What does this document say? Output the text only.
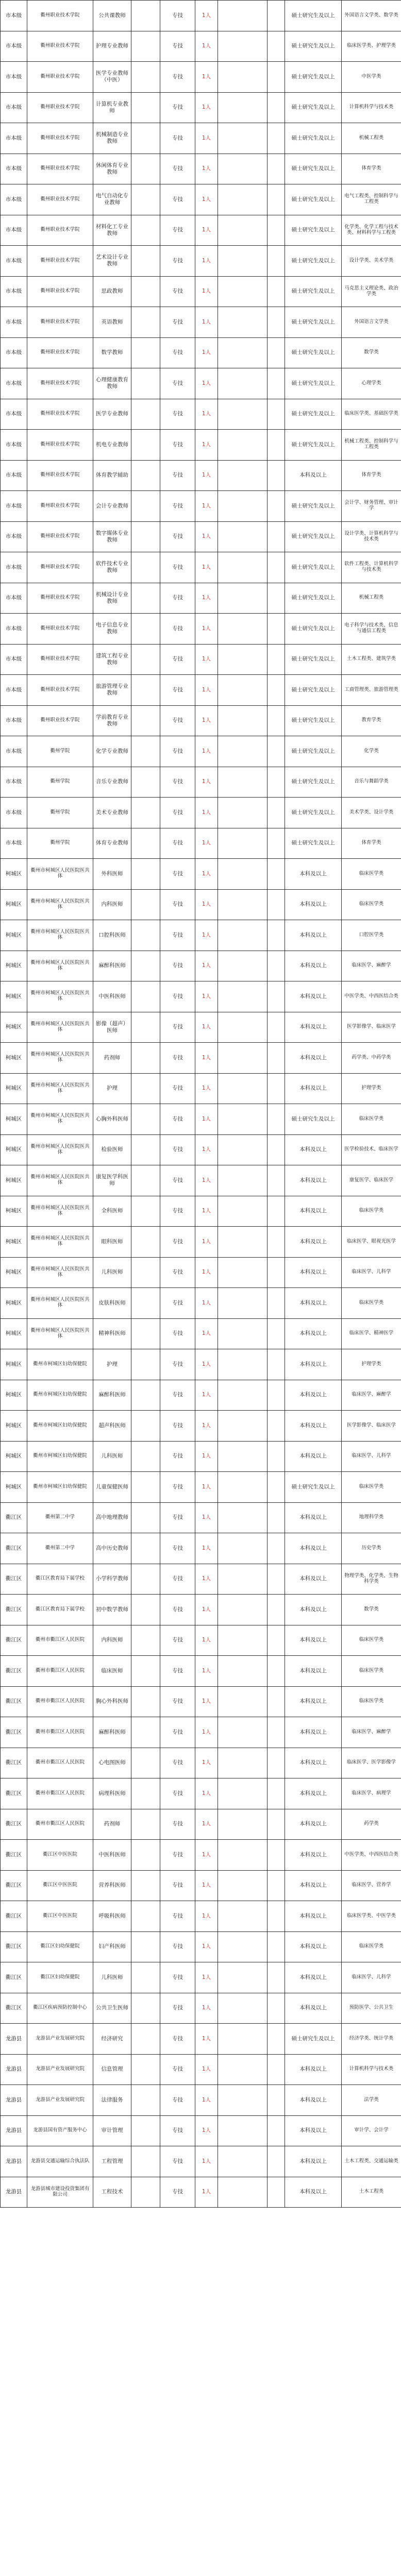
市本级	衢州职业技术学院	公共课教师		专技	1人			硕士研究生及以上	外国语言文学类、数学类
市本级	衢州职业技术学院	护理专业教师		专技	1人			硕士研究生及以上	临床医学类、护理学类
市本级	衢州职业技术学院	医学专业教师（中医）		专技	1人			硕士研究生及以上	中医学类
市本级	衢州职业技术学院	计算机专业教师		专技	1人			硕士研究生及以上	计算机科学与技术类
市本级	衢州职业技术学院	机械制造专业教师		专技	1人			硕士研究生及以上	机械工程类
市本级	衢州职业技术学院	休闲体育专业教师		专技	1人			硕士研究生及以上	体育学类
市本级	衢州职业技术学院	电气自动化专业教师		专技	1人			硕士研究生及以上	电气工程类、控制科学与工程类
市本级	衢州职业技术学院	材料化工专业教师		专技	1人			硕士研究生及以上	化学类、化学工程与技术类、材料科学与工程类
市本级	衢州职业技术学院	艺术设计专业教师		专技	1人			硕士研究生及以上	设计学类、美术学类
市本级	衢州职业技术学院	思政教师		专技	1人			硕士研究生及以上	马克思主义理论类、政治学类
市本级	衢州职业技术学院	英语教师		专技	1人			硕士研究生及以上	外国语言文学类
市本级	衢州职业技术学院	数学教师		专技	1人			硕士研究生及以上	数学类
市本级	衢州职业技术学院	心理健康教育教师		专技	1人			硕士研究生及以上	心理学类
市本级	衢州职业技术学院	医学专业教师		专技	1人			硕士研究生及以上	临床医学类、基础医学类
市本级	衢州职业技术学院	机电专业教师		专技	1人			硕士研究生及以上	机械工程类、控制科学与工程类
市本级	衢州职业技术学院	体育教学辅助		专技	1人			本科及以上	体育学类
市本级	衢州职业技术学院	会计专业教师		专技	1人			硕士研究生及以上	会计学、财务管理、审计学
市本级	衢州职业技术学院	数字媒体专业教师		专技	1人			硕士研究生及以上	设计学类、计算机科学与技术类
市本级	衢州职业技术学院	软件技术专业教师		专技	1人			硕士研究生及以上	软件工程类、计算机科学与技术类
市本级	衢州职业技术学院	机械设计专业教师		专技	1人			硕士研究生及以上	机械工程类
市本级	衢州职业技术学院	电子信息专业教师		专技	1人			硕士研究生及以上	电子科学与技术类、信息与通信工程类
市本级	衢州职业技术学院	建筑工程专业教师		专技	1人			硕士研究生及以上	土木工程类、建筑学类
市本级	衢州职业技术学院	旅游管理专业教师		专技	1人			硕士研究生及以上	工商管理类、旅游管理类
市本级	衢州职业技术学院	学前教育专业教师		专技	1人			硕士研究生及以上	教育学类
市本级	衢州学院	化学专业教师		专技	1人			硕士研究生及以上	化学类
市本级	衢州学院	音乐专业教师		专技	1人			硕士研究生及以上	音乐与舞蹈学类
市本级	衢州学院	美术专业教师		专技	1人			硕士研究生及以上	美术学类、设计学类
市本级	衢州学院	体育专业教师		专技	1人			硕士研究生及以上	体育学类
柯城区	衢州市柯城区人民医院医共体	外科医师		专技	1人			本科及以上	临床医学类
柯城区	衢州市柯城区人民医院医共体	内科医师		专技	1人			本科及以上	临床医学类
柯城区	衢州市柯城区人民医院医共体	口腔科医师		专技	1人			本科及以上	口腔医学类
柯城区	衢州市柯城区人民医院医共体	麻醉科医师		专技	1人			本科及以上	临床医学、麻醉学
柯城区	衢州市柯城区人民医院医共体	中医科医师		专技	1人			本科及以上	中医学类、中西医结合类
柯城区	衢州市柯城区人民医院医共体	影像（超声）医师		专技	1人			本科及以上	医学影像学、临床医学
柯城区	衢州市柯城区人民医院医共体	药剂师		专技	1人			本科及以上	药学类、中药学类
柯城区	衢州市柯城区人民医院医共体	护理		专技	1人			本科及以上	护理学类
柯城区	衢州市柯城区人民医院医共体	心胸外科医师		专技	1人			硕士研究生及以上	临床医学类
柯城区	衢州市柯城区人民医院医共体	检验医师		专技	1人			本科及以上	医学检验技术、临床医学
柯城区	衢州市柯城区人民医院医共体	康复医学科医师		专技	1人			本科及以上	康复医学、临床医学
柯城区	衢州市柯城区人民医院医共体	全科医师		专技	1人			本科及以上	临床医学类
柯城区	衢州市柯城区人民医院医共体	眼科医师		专技	1人			本科及以上	临床医学、眼视光医学
柯城区	衢州市柯城区人民医院医共体	儿科医师		专技	1人			本科及以上	临床医学、儿科学
柯城区	衢州市柯城区人民医院医共体	皮肤科医师		专技	1人			本科及以上	临床医学类
柯城区	衢州市柯城区人民医院医共体	精神科医师		专技	1人			本科及以上	临床医学、精神医学
柯城区	衢州市柯城区妇幼保健院	护理		专技	1人			本科及以上	护理学类
柯城区	衢州市柯城区妇幼保健院	麻醉科医师		专技	1人			本科及以上	临床医学、麻醉学
柯城区	衢州市柯城区妇幼保健院	超声科医师		专技	1人			本科及以上	医学影像学、临床医学
柯城区	衢州市柯城区妇幼保健院	儿科医师		专技	1人			本科及以上	临床医学、儿科学
柯城区	衢州市柯城区妇幼保健院	儿童保健医师		专技	1人			硕士研究生及以上	临床医学类
衢江区	衢州第二中学	高中地理教师		专技	1人			本科及以上	地理科学类
衢江区	衢州第二中学	高中历史教师		专技	1人			本科及以上	历史学类
衢江区	衢江区教育局下属学校	小学科学教师		专技	1人			本科及以上	物理学类、化学类、生物科学类
衢江区	衢江区教育局下属学校	初中数学教师		专技	1人			本科及以上	数学类
衢江区	衢州市衢江区人民医院	内科医师		专技	1人			本科及以上	临床医学类
衢江区	衢州市衢江区人民医院	临床医师		专技	1人			本科及以上	临床医学类
衢江区	衢州市衢江区人民医院	胸心外科医师		专技	1人			本科及以上	临床医学类
衢江区	衢州市衢江区人民医院	麻醉科医师		专技	1人			本科及以上	临床医学、麻醉学
衢江区	衢州市衢江区人民医院	心电图医师		专技	1人			本科及以上	临床医学、医学影像学
衢江区	衢州市衢江区人民医院	病理科医师		专技	1人			本科及以上	临床医学、病理学
衢江区	衢州市衢江区人民医院	药剂师		专技	1人			本科及以上	药学类
衢江区	衢江区中医医院	中医科医师		专技	1人			本科及以上	中医学类、中西医结合类
衢江区	衢江区中医医院	营养科医师		专技	1人			本科及以上	临床医学、营养学
衢江区	衢江区中医医院	呼吸科医师		专技	1人			本科及以上	临床医学类、中医学类
衢江区	衢江区妇幼保健院	妇产科医师		专技	1人			本科及以上	临床医学类
衢江区	衢江区妇幼保健院	儿科医师		专技	1人			本科及以上	临床医学、儿科学
衢江区	衢江区疾病预防控制中心	公共卫生医师		专技	1人			本科及以上	预防医学、公共卫生
龙游县	龙游县产业发展研究院	经济研究		专技	1人			硕士研究生及以上	经济学类、统计学类
龙游县	龙游县产业发展研究院	信息管理		专技	1人			本科及以上	计算机科学与技术类
龙游县	龙游县产业发展研究院	法律服务		专技	1人			本科及以上	法学类
龙游县	龙游县国有资产服务中心	审计管理		专技	1人			本科及以上	审计学、会计学
龙游县	龙游县交通运输综合执法队	工程管理		专技	1人			本科及以上	土木工程类、交通运输类
龙游县	龙游县城市建设投资集团有限公司	工程技术		专技	1人			本科及以上	土木工程类
